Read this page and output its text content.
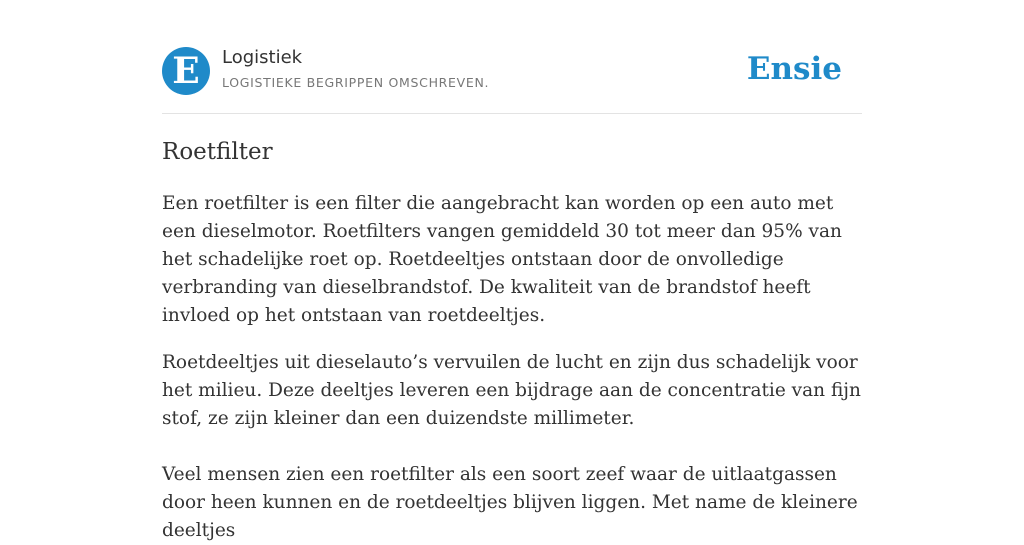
E	Logistiek
LOGISTIEKE BEGRIPPEN OMSCHREVEN.	Ensie
Roetfilter

Een roetfilter is een filter die aangebracht kan worden op een auto met een dieselmotor. Roetfilters vangen gemiddeld 30 tot meer dan 95% van het schadelijke roet op. Roetdeeltjes ontstaan door de onvolledige verbranding van dieselbrandstof. De kwaliteit van de brandstof heeft invloed op het ontstaan van roetdeeltjes.

Roetdeeltjes uit dieselauto’s vervuilen de lucht en zijn dus schadelijk voor het milieu. Deze deeltjes leveren een bijdrage aan de concentratie van fijn stof, ze zijn kleiner dan een duizendste millimeter.

Veel mensen zien een roetfilter als een soort zeef waar de uitlaatgassen door heen kunnen en de roetdeeltjes blijven liggen. Met name de kleinere deeltjes
